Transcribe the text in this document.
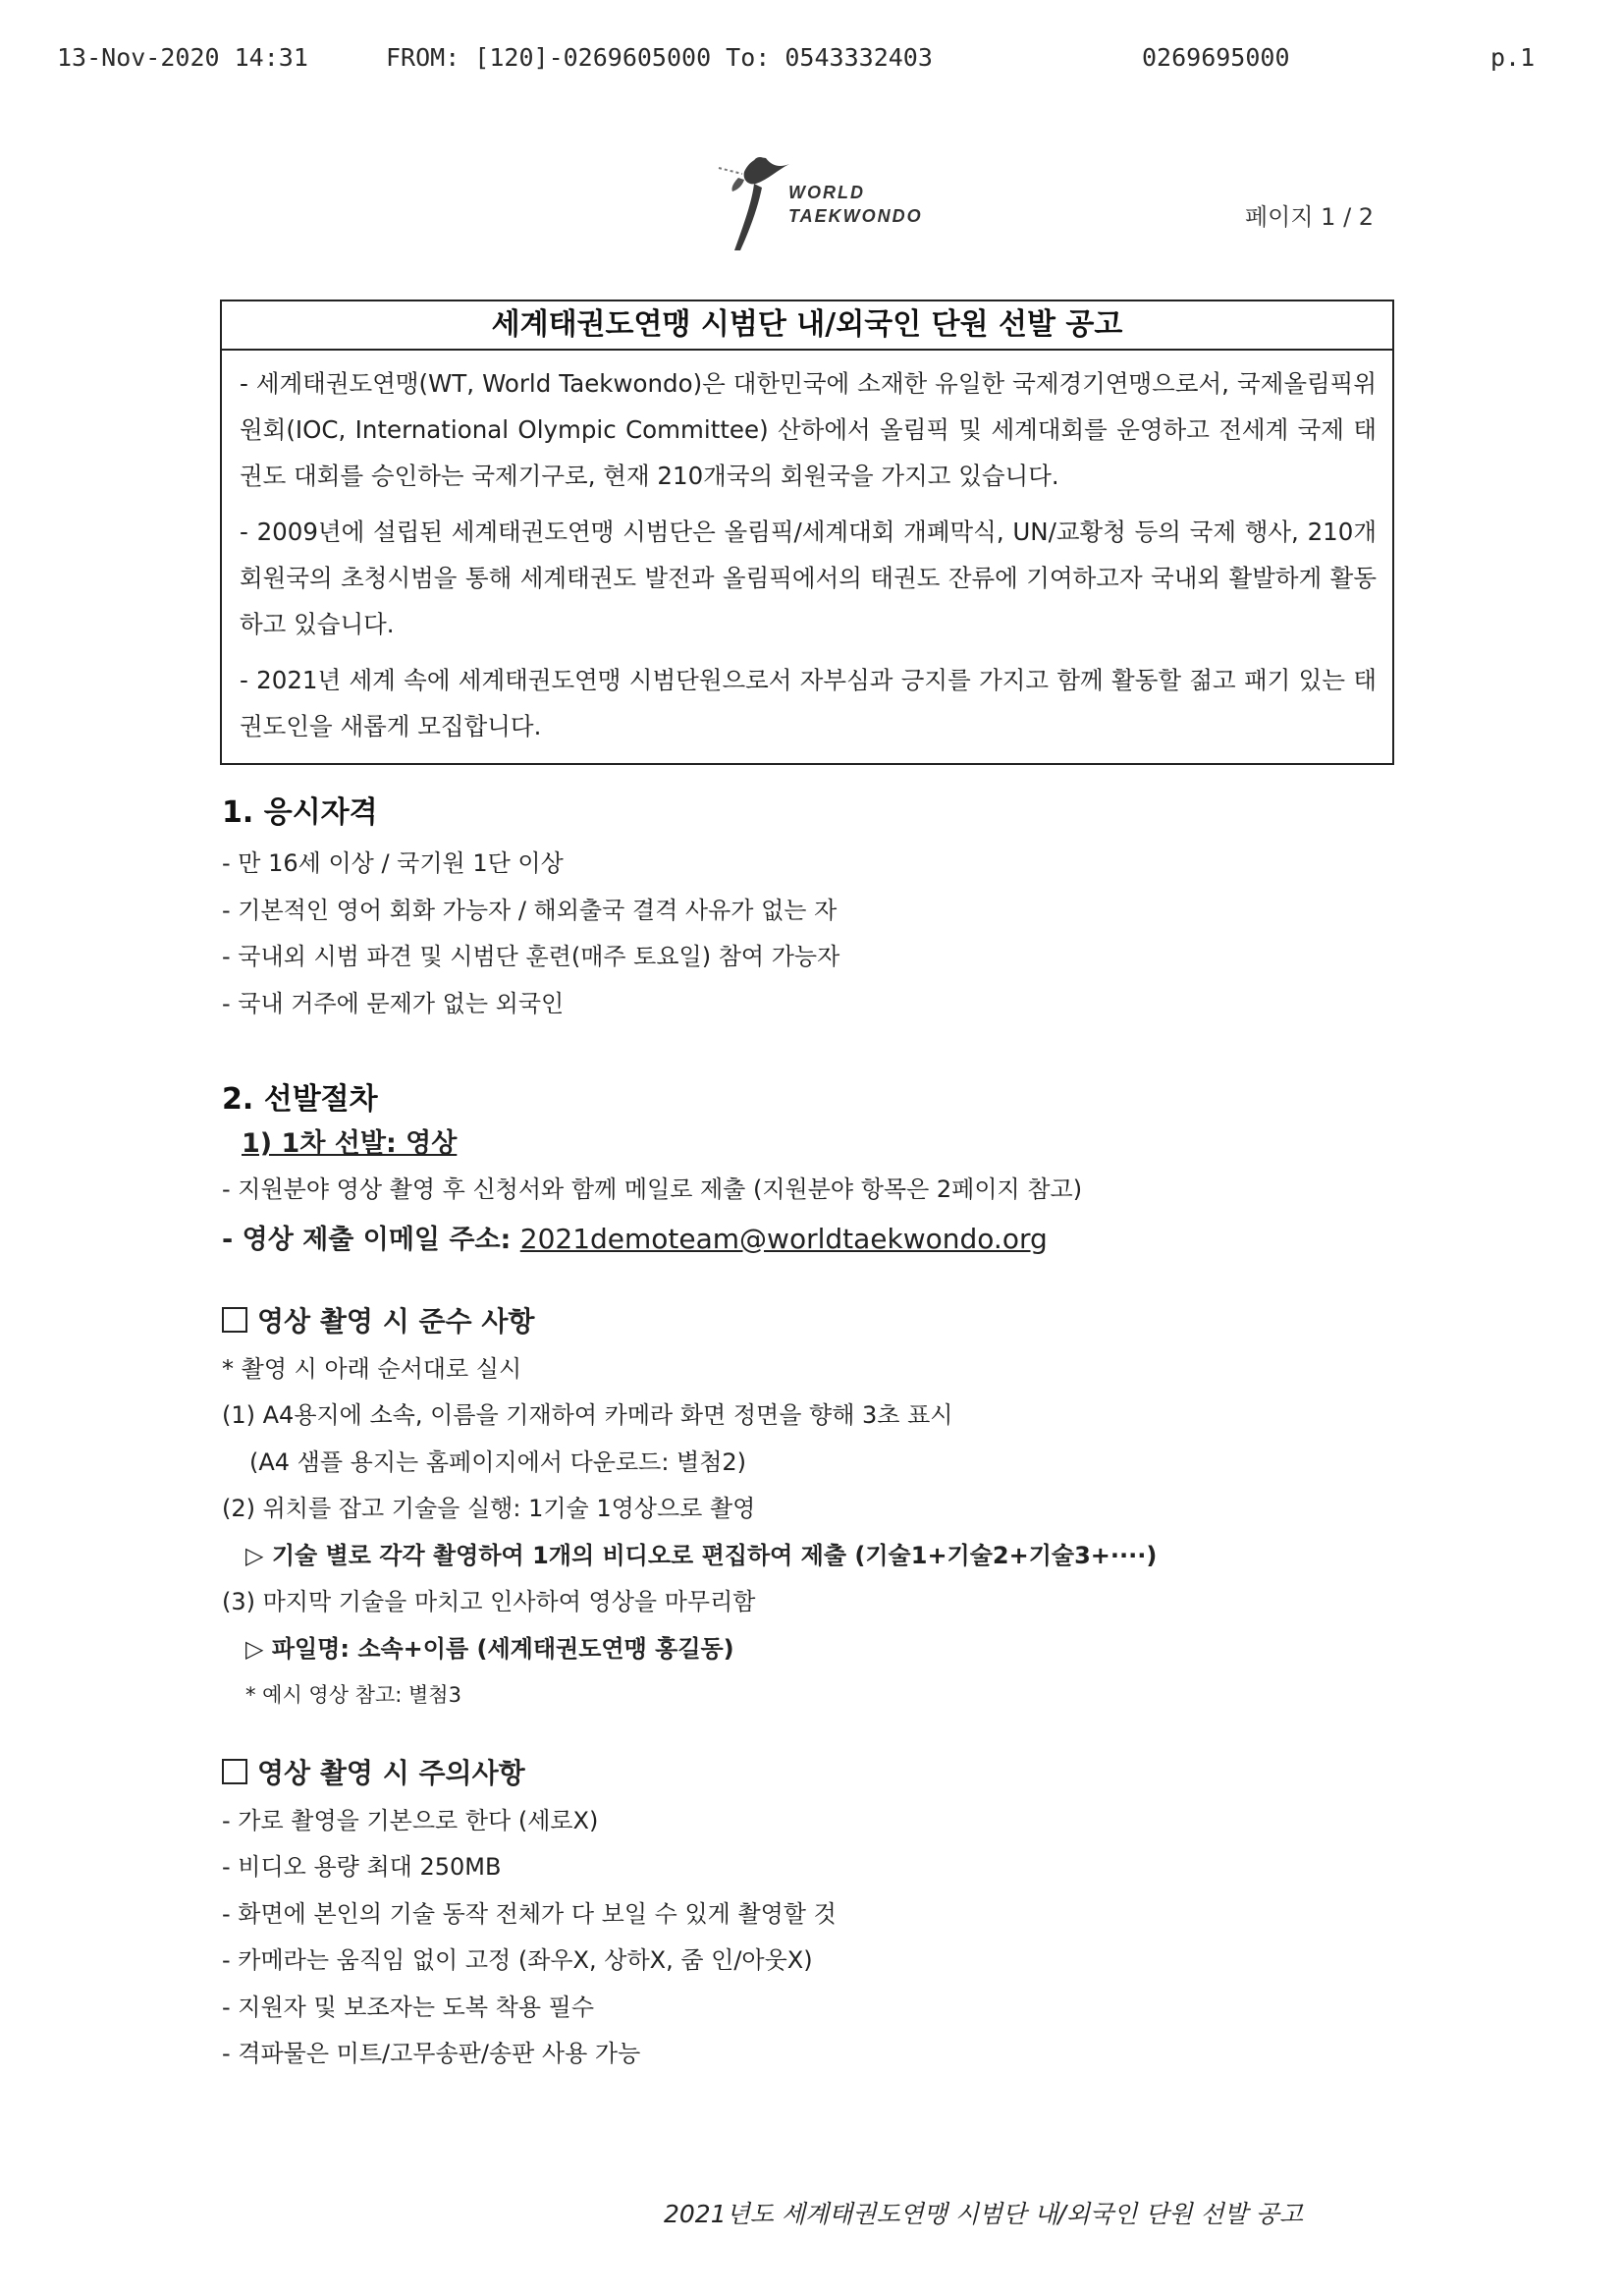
13-Nov-2020 14:31	FROM: [120]-0269605000 To: 0543332403	0269695000	p.1
WORLD
TAEKWONDO	페이지 1 / 2
세계태권도연맹 시범단 내/외국인 단원 선발 공고

- 세계태권도연맹(WT, World Taekwondo)은 대한민국에 소재한 유일한 국제경기연맹으로서, 국제올림픽위원회(IOC, International Olympic Committee) 산하에서 올림픽 및 세계대회를 운영하고 전세계 국제 태권도 대회를 승인하는 국제기구로, 현재 210개국의 회원국을 가지고 있습니다.

- 2009년에 설립된 세계태권도연맹 시범단은 올림픽/세계대회 개폐막식, UN/교황청 등의 국제 행사, 210개 회원국의 초청시범을 통해 세계태권도 발전과 올림픽에서의 태권도 잔류에 기여하고자 국내외 활발하게 활동하고 있습니다.

- 2021년 세계 속에 세계태권도연맹 시범단원으로서 자부심과 긍지를 가지고 함께 활동할 젊고 패기 있는 태권도인을 새롭게 모집합니다.

1. 응시자격

- 만 16세 이상 / 국기원 1단 이상

- 기본적인 영어 회화 가능자 / 해외출국 결격 사유가 없는 자

- 국내외 시범 파견 및 시범단 훈련(매주 토요일) 참여 가능자

- 국내 거주에 문제가 없는 외국인

2. 선발절차

1) 1차 선발: 영상

- 지원분야 영상 촬영 후 신청서와 함께 메일로 제출 (지원분야 항목은 2페이지 참고)

- 영상 제출 이메일 주소: 2021demoteam@worldtaekwondo.org

영상 촬영 시 준수 사항

* 촬영 시 아래 순서대로 실시

(1) A4용지에 소속, 이름을 기재하여 카메라 화면 정면을 향해 3초 표시

(A4 샘플 용지는 홈페이지에서 다운로드: 별첨2)

(2) 위치를 잡고 기술을 실행: 1기술 1영상으로 촬영

▷ 기술 별로 각각 촬영하여 1개의 비디오로 편집하여 제출 (기술1+기술2+기술3+····)

(3) 마지막 기술을 마치고 인사하여 영상을 마무리함

▷ 파일명: 소속+이름 (세계태권도연맹 홍길동)

* 예시 영상 참고: 별첨3

영상 촬영 시 주의사항

- 가로 촬영을 기본으로 한다 (세로X)

- 비디오 용량 최대 250MB

- 화면에 본인의 기술 동작 전체가 다 보일 수 있게 촬영할 것

- 카메라는 움직임 없이 고정 (좌우X, 상하X, 줌 인/아웃X)

- 지원자 및 보조자는 도복 착용 필수

- 격파물은 미트/고무송판/송판 사용 가능

2021년도 세계태권도연맹 시범단 내/외국인 단원 선발 공고
